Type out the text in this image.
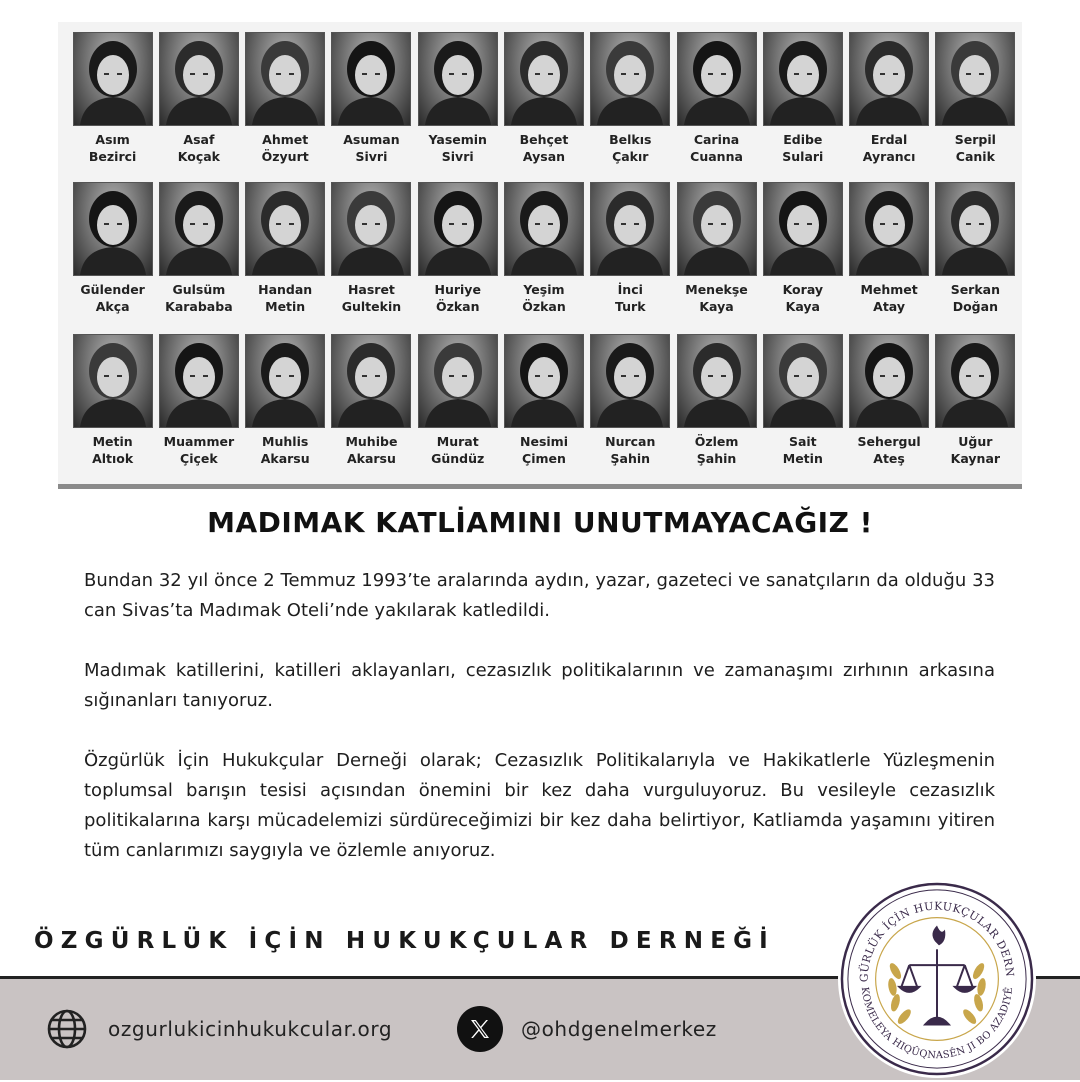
Asım
Bezirci
Asaf
Koçak
Ahmet
Özyurt
Asuman
Sivri
Yasemin
Sivri
Behçet
Aysan
Belkıs
Çakır
Carina
Cuanna
Edibe
Sulari
Erdal
Ayrancı
Serpil
Canik
Gülender
Akça
Gulsüm
Karababa
Handan
Metin
Hasret
Gultekin
Huriye
Özkan
Yeşim
Özkan
İnci
Turk
Menekşe
Kaya
Koray
Kaya
Mehmet
Atay
Serkan
Doğan
Metin
Altıok
Muammer
Çiçek
Muhlis
Akarsu
Muhibe
Akarsu
Murat
Gündüz
Nesimi
Çimen
Nurcan
Şahin
Özlem
Şahin
Sait
Metin
Sehergul
Ateş
Uğur
Kaynar
MADIMAK KATLİAMINI UNUTMAYACAĞIZ !

Bundan 32 yıl önce 2 Temmuz 1993’te aralarında aydın, yazar, gazeteci ve sanatçıların da olduğu 33 can Sivas’ta Madımak Oteli’nde yakılarak katledildi.

Madımak katillerini, katilleri aklayanları, cezasızlık politikalarının ve zamanaşımı zırhının arkasına sığınanları tanıyoruz.

Özgürlük İçin Hukukçular Derneği olarak; Cezasızlık Politikalarıyla ve Hakikatlerle Yüzleşmenin toplumsal barışın tesisi açısından önemini bir kez daha vurguluyoruz. Bu vesileyle cezasızlık politikalarına karşı mücadelemizi sürdüreceğimizi bir kez daha belirtiyor, Katliamda yaşamını yitiren tüm canlarımızı saygıyla ve özlemle anıyoruz.

ÖZGÜRLÜK İÇİN HUKUKÇULAR DERNEĞİ
ozgurlukicinhukukcular.org	@ohdgenelmerkez
GÜRLÜK İÇİN HUKUKÇULAR DERN
KOMELEYA HIQÛQNASÊN JI BO AZADIYÊ
